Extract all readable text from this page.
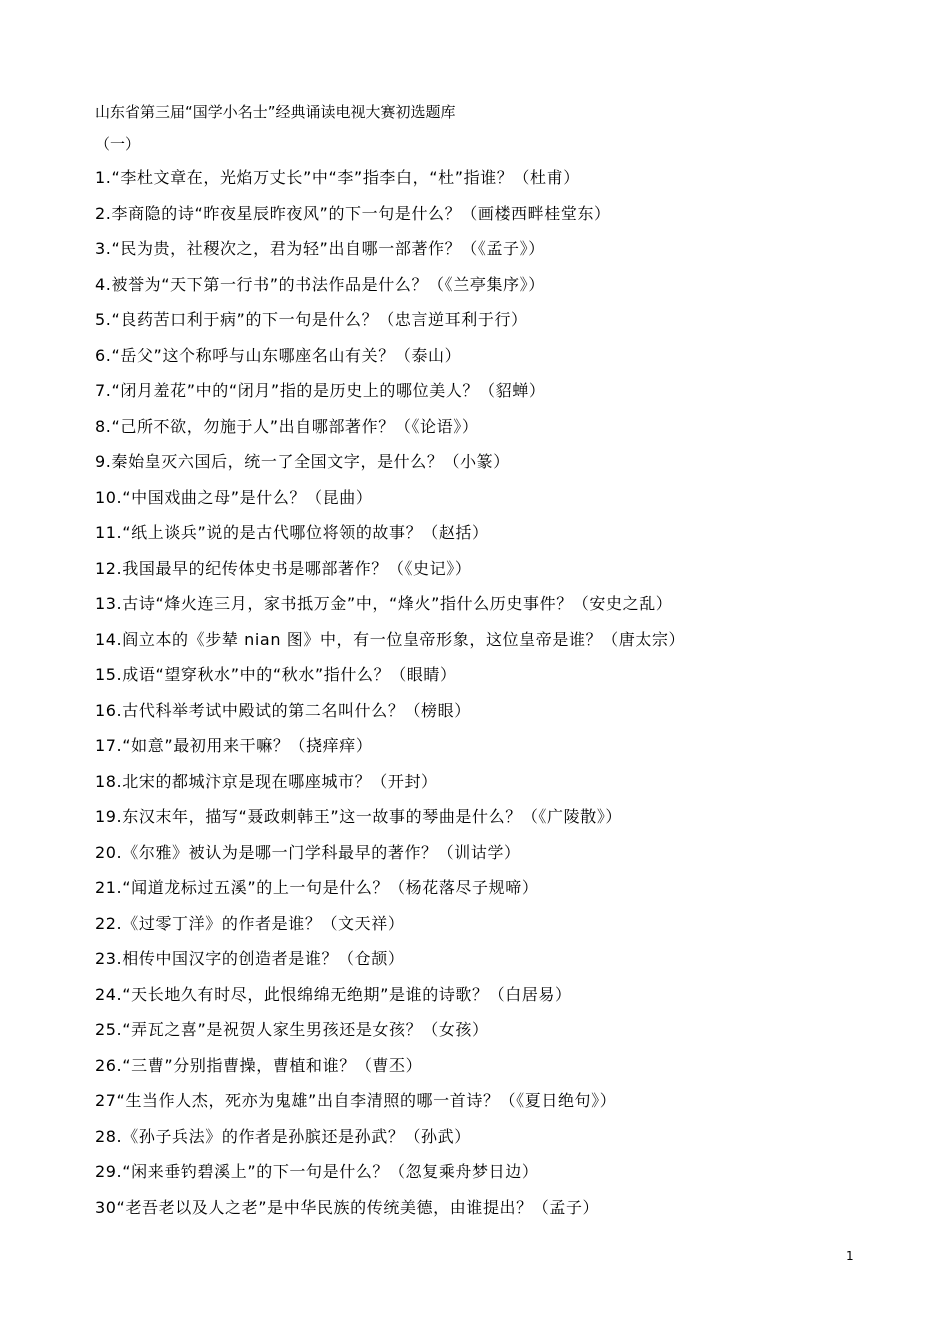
山东省第三届“国学小名士”经典诵读电视大赛初选题库
（一）
1.“李杜文章在，光焰万丈长”中“李”指李白，“杜”指谁？（杜甫）
2.李商隐的诗“昨夜星辰昨夜风”的下一句是什么？（画楼西畔桂堂东）
3.“民为贵，社稷次之，君为轻”出自哪一部著作？（《孟子》）
4.被誉为“天下第一行书”的书法作品是什么？（《兰亭集序》）
5.“良药苦口利于病”的下一句是什么？（忠言逆耳利于行）
6.“岳父”这个称呼与山东哪座名山有关？（泰山）
7.“闭月羞花”中的“闭月”指的是历史上的哪位美人？（貂蝉）
8.“己所不欲，勿施于人”出自哪部著作？（《论语》）
9.秦始皇灭六国后，统一了全国文字，是什么？（小篆）
10.“中国戏曲之母”是什么？（昆曲）
11.“纸上谈兵”说的是古代哪位将领的故事？（赵括）
12.我国最早的纪传体史书是哪部著作？（《史记》）
13.古诗“烽火连三月，家书抵万金”中，“烽火”指什么历史事件？（安史之乱）
14.阎立本的《步辇 nian 图》中，有一位皇帝形象，这位皇帝是谁？（唐太宗）
15.成语“望穿秋水”中的“秋水”指什么？（眼睛）
16.古代科举考试中殿试的第二名叫什么？（榜眼）
17.“如意”最初用来干嘛？（挠痒痒）
18.北宋的都城汴京是现在哪座城市？（开封）
19.东汉末年，描写“聂政刺韩王”这一故事的琴曲是什么？（《广陵散》）
20.《尔雅》被认为是哪一门学科最早的著作？（训诂学）
21.“闻道龙标过五溪”的上一句是什么？（杨花落尽子规啼）
22.《过零丁洋》的作者是谁？（文天祥）
23.相传中国汉字的创造者是谁？（仓颉）
24.“天长地久有时尽，此恨绵绵无绝期”是谁的诗歌？（白居易）
25.“弄瓦之喜”是祝贺人家生男孩还是女孩？（女孩）
26.“三曹”分别指曹操，曹植和谁？（曹丕）
27“生当作人杰，死亦为鬼雄”出自李清照的哪一首诗？（《夏日绝句》）
28.《孙子兵法》的作者是孙膑还是孙武？（孙武）
29.“闲来垂钓碧溪上”的下一句是什么？（忽复乘舟梦日边）
30“老吾老以及人之老”是中华民族的传统美德，由谁提出？（孟子）
1
